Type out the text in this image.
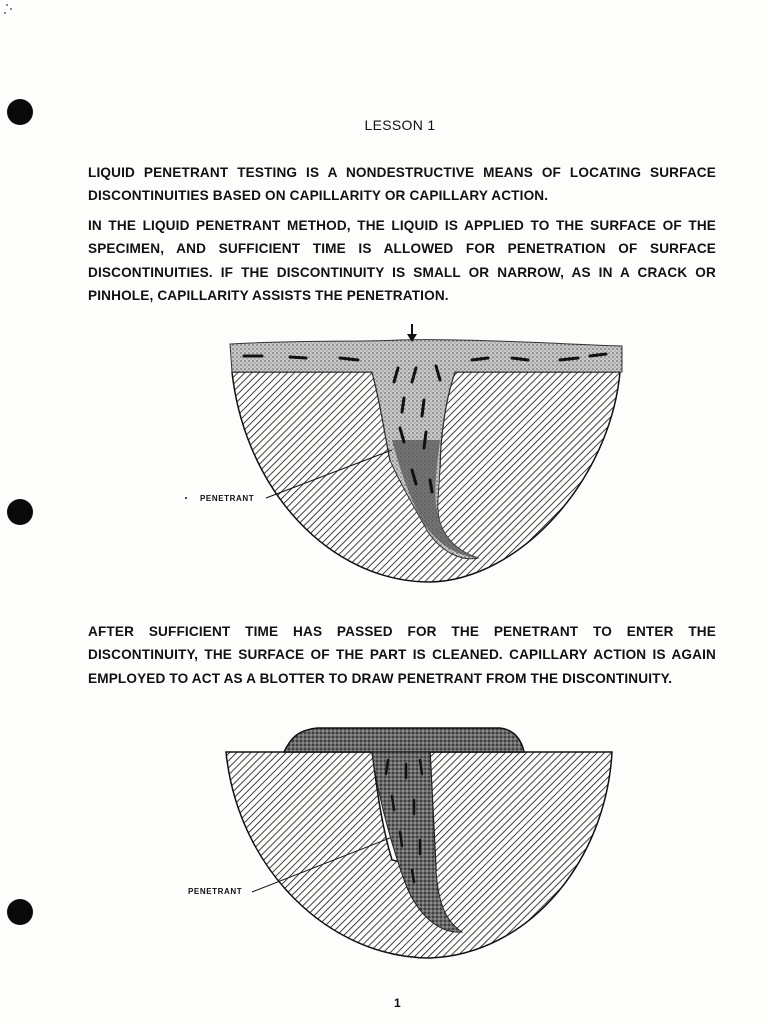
LESSON 1

LIQUID PENETRANT TESTING IS A NONDESTRUCTIVE MEANS OF LOCATING SURFACE DISCONTINUITIES BASED ON CAPILLARITY OR CAPILLARY ACTION.

IN THE LIQUID PENETRANT METHOD, THE LIQUID IS APPLIED TO THE SURFACE OF THE SPECIMEN, AND SUFFICIENT TIME IS ALLOWED FOR PENETRATION OF SURFACE DISCONTINUITIES. IF THE DISCONTINUITY IS SMALL OR NARROW, AS IN A CRACK OR PINHOLE, CAPILLARITY ASSISTS THE PENETRATION.

PENETRANT

AFTER SUFFICIENT TIME HAS PASSED FOR THE PENETRANT TO ENTER THE DISCONTINUITY, THE SURFACE OF THE PART IS CLEANED. CAPILLARY ACTION IS AGAIN EMPLOYED TO ACT AS A BLOTTER TO DRAW PENETRANT FROM THE DISCONTINUITY.

PENETRANT
1
